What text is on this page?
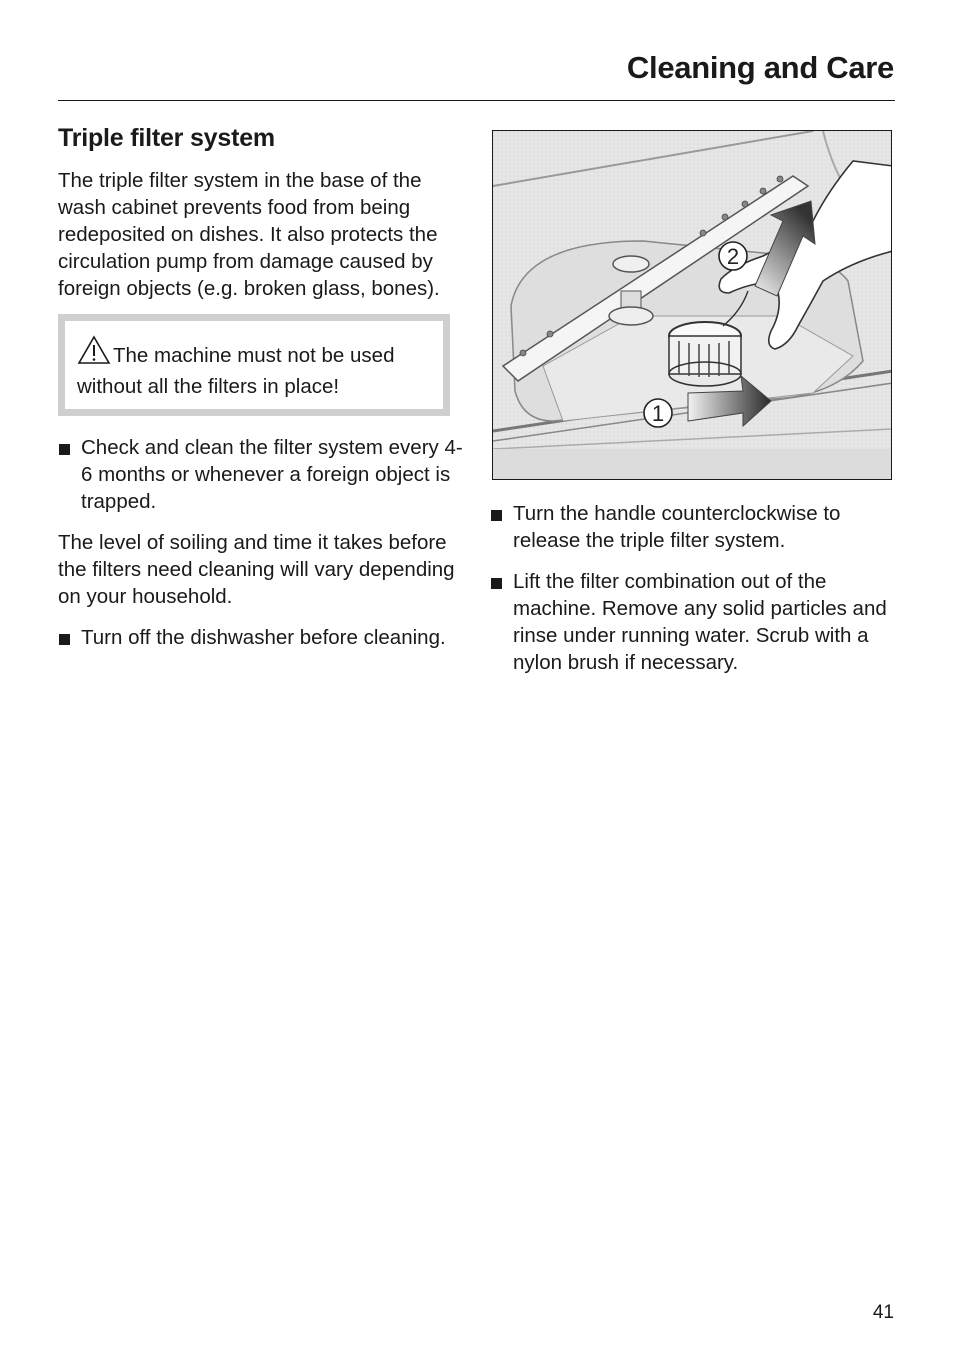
Cleaning and Care
Triple filter system

The triple filter system in the base of the wash cabinet prevents food from being redeposited on dishes. It also protects the circulation pump from damage caused by foreign objects (e.g. broken glass, bones).

The machine must not be used without all the filters in place!
Check and clean the filter system every 4-6 months or whenever a foreign object is trapped.

The level of soiling and time it takes before the filters need cleaning will vary depending on your household.

Turn off the dishwasher before cleaning.
2
1
Turn the handle counterclockwise to release the triple filter system.
Lift the filter combination out of the machine. Remove any solid particles and rinse under running water. Scrub with a nylon brush if necessary.
41
